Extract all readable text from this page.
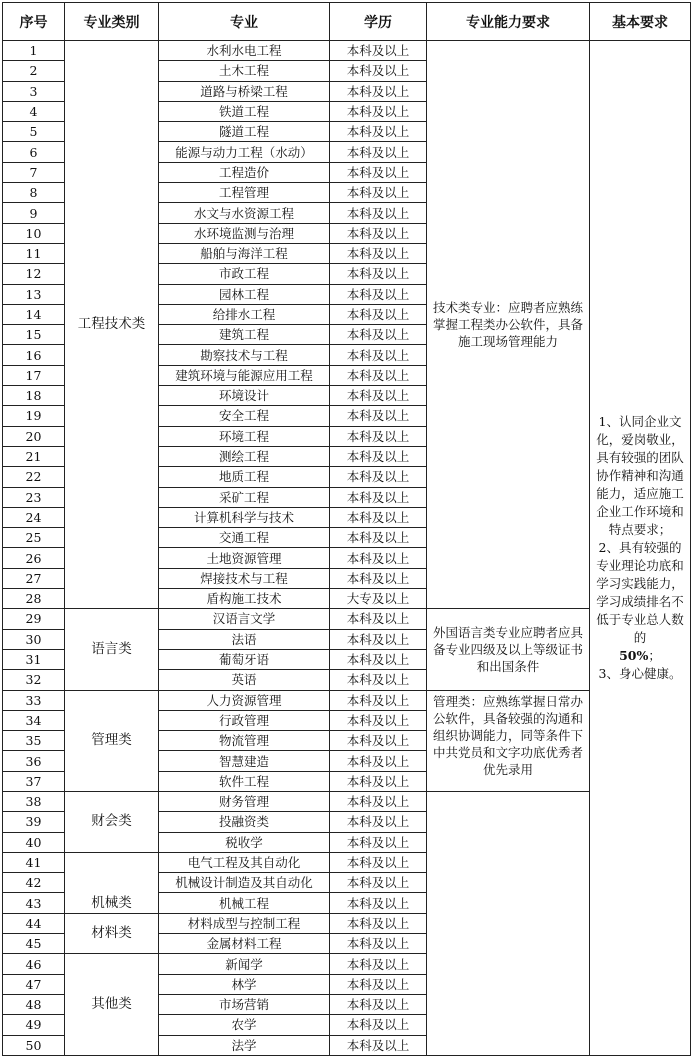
序号	专业类别	专业	学历	专业能力要求	基本要求
1	工程技术类	水利水电工程	本科及以上	技术类专业：应聘者应熟练掌握工程类办公软件，具备施工现场管理能力	1、认同企业文化，爱岗敬业，具有较强的团队协作精神和沟通能力，适应施工企业工作环境和特点要求；
2、具有较强的专业理论功底和学习实践能力，学习成绩排名不低于专业总人数的
50%；
3、身心健康。
2		土木工程	本科及以上		
3		道路与桥梁工程	本科及以上		
4		铁道工程	本科及以上		
5		隧道工程	本科及以上		
6		能源与动力工程（水动）	本科及以上		
7		工程造价	本科及以上		
8		工程管理	本科及以上		
9		水文与水资源工程	本科及以上		
10		水环境监测与治理	本科及以上		
11		船舶与海洋工程	本科及以上		
12		市政工程	本科及以上		
13		园林工程	本科及以上		
14		给排水工程	本科及以上		
15		建筑工程	本科及以上		
16		勘察技术与工程	本科及以上		
17		建筑环境与能源应用工程	本科及以上		
18		环境设计	本科及以上		
19		安全工程	本科及以上		
20		环境工程	本科及以上		
21		测绘工程	本科及以上		
22		地质工程	本科及以上		
23		采矿工程	本科及以上		
24		计算机科学与技术	本科及以上		
25		交通工程	本科及以上		
26		土地资源管理	本科及以上		
27		焊接技术与工程	本科及以上		
28		盾构施工技术	大专及以上		
29	语言类	汉语言文学	本科及以上	外国语言类专业应聘者应具备专业四级及以上等级证书和出国条件	
30		法语	本科及以上		
31		葡萄牙语	本科及以上		
32		英语	本科及以上		
33	管理类	人力资源管理	本科及以上	管理类：应熟练掌握日常办公软件，具备较强的沟通和组织协调能力，同等条件下中共党员和文字功底优秀者优先录用	
34		行政管理	本科及以上		
35		物流管理	本科及以上		
36		智慧建造	本科及以上		
37		软件工程	本科及以上		
38	财会类	财务管理	本科及以上		
39		投融资类	本科及以上		
40		税收学	本科及以上		
41	机械类	电气工程及其自动化	本科及以上		
42		机械设计制造及其自动化	本科及以上		
43		机械工程	本科及以上		
44	材料类	材料成型与控制工程	本科及以上		
45		金属材料工程	本科及以上		
46	其他类	新闻学	本科及以上		
47		林学	本科及以上		
48		市场营销	本科及以上		
49		农学	本科及以上		
50		法学	本科及以上		
